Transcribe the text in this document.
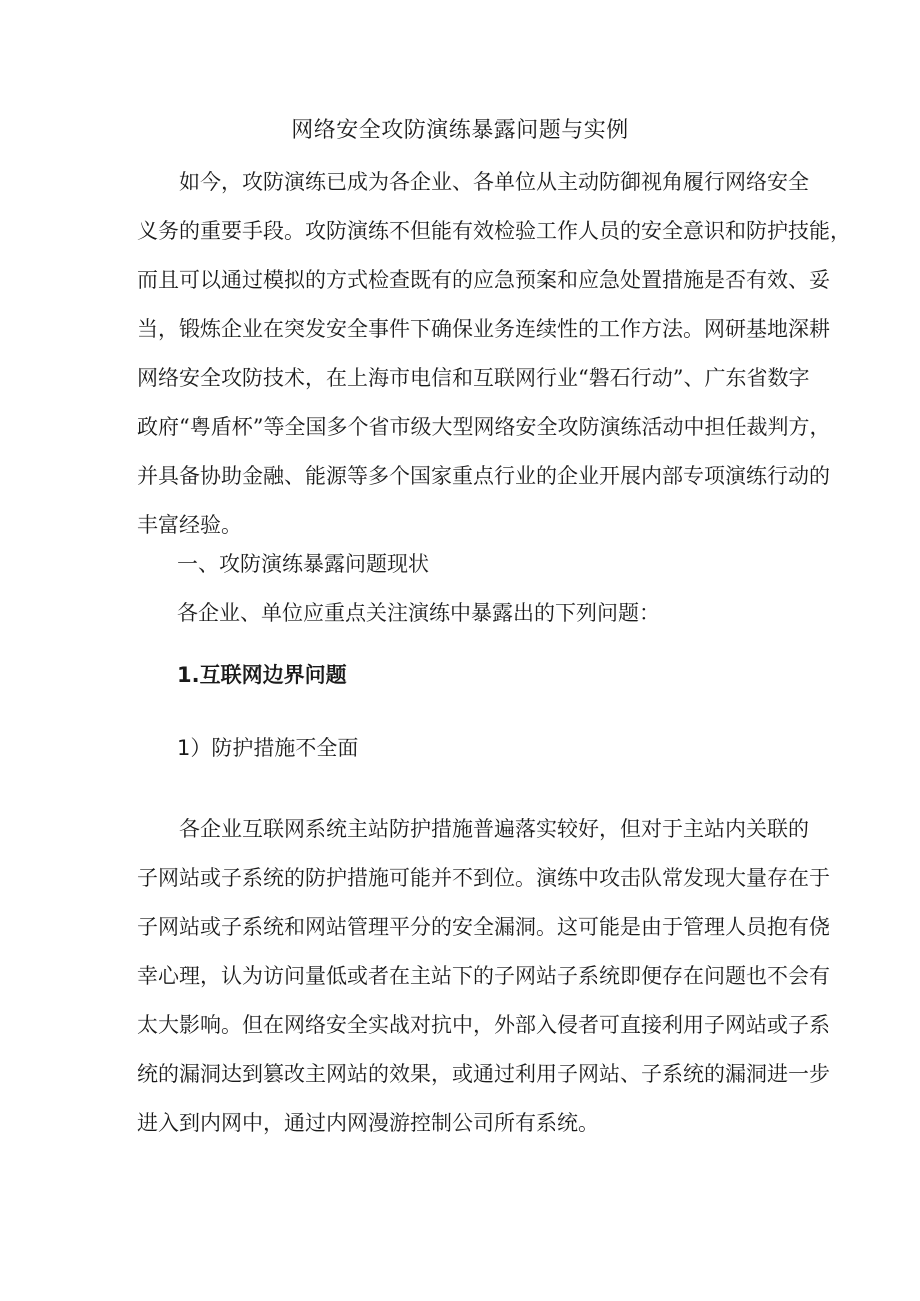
网络安全攻防演练暴露问题与实例
如今，攻防演练已成为各企业、各单位从主动防御视角履行网络安全
义务的重要手段。攻防演练不但能有效检验工作人员的安全意识和防护技能，
而且可以通过模拟的方式检查既有的应急预案和应急处置措施是否有效、妥
当，锻炼企业在突发安全事件下确保业务连续性的工作方法。网研基地深耕
网络安全攻防技术，在上海市电信和互联网行业“磐石行动”、广东省数字
政府“粤盾杯”等全国多个省市级大型网络安全攻防演练活动中担任裁判方，
并具备协助金融、能源等多个国家重点行业的企业开展内部专项演练行动的
丰富经验。
一、攻防演练暴露问题现状
各企业、单位应重点关注演练中暴露出的下列问题：
1.互联网边界问题
1）防护措施不全面
各企业互联网系统主站防护措施普遍落实较好，但对于主站内关联的
子网站或子系统的防护措施可能并不到位。演练中攻击队常发现大量存在于
子网站或子系统和网站管理平分的安全漏洞。这可能是由于管理人员抱有侥
幸心理，认为访问量低或者在主站下的子网站子系统即便存在问题也不会有
太大影响。但在网络安全实战对抗中，外部入侵者可直接利用子网站或子系
统的漏洞达到篡改主网站的效果，或通过利用子网站、子系统的漏洞进一步
进入到内网中，通过内网漫游控制公司所有系统。
